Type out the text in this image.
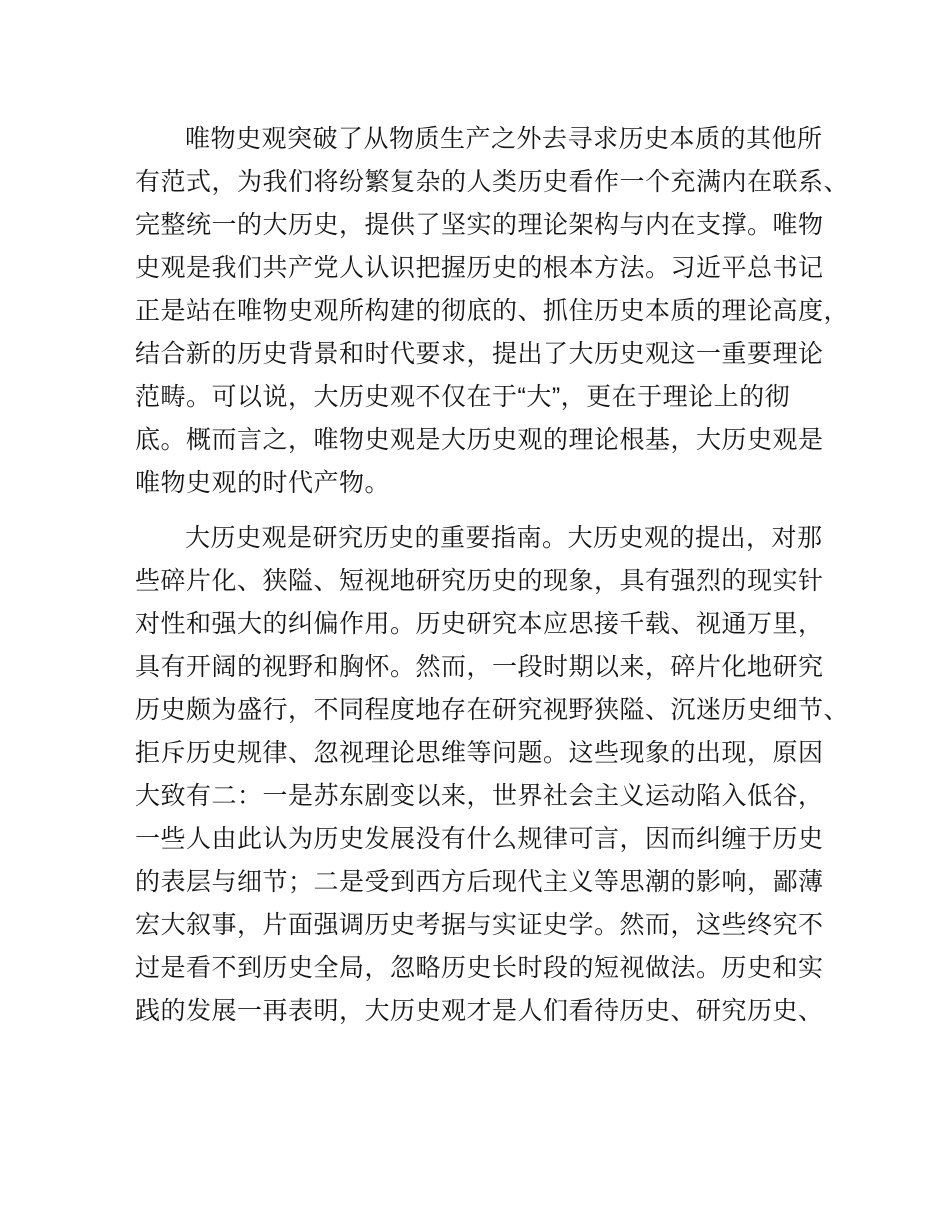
唯物史观突破了从物质生产之外去寻求历史本质的其他所
有范式，为我们将纷繁复杂的人类历史看作一个充满内在联系、
完整统一的大历史，提供了坚实的理论架构与内在支撑。唯物
史观是我们共产党人认识把握历史的根本方法。习近平总书记
正是站在唯物史观所构建的彻底的、抓住历史本质的理论高度，
结合新的历史背景和时代要求，提出了大历史观这一重要理论
范畴。可以说，大历史观不仅在于“大”，更在于理论上的彻
底。概而言之，唯物史观是大历史观的理论根基，大历史观是
唯物史观的时代产物。
大历史观是研究历史的重要指南。大历史观的提出，对那
些碎片化、狭隘、短视地研究历史的现象，具有强烈的现实针
对性和强大的纠偏作用。历史研究本应思接千载、视通万里，
具有开阔的视野和胸怀。然而，一段时期以来，碎片化地研究
历史颇为盛行，不同程度地存在研究视野狭隘、沉迷历史细节、
拒斥历史规律、忽视理论思维等问题。这些现象的出现，原因
大致有二：一是苏东剧变以来，世界社会主义运动陷入低谷，
一些人由此认为历史发展没有什么规律可言，因而纠缠于历史
的表层与细节；二是受到西方后现代主义等思潮的影响，鄙薄
宏大叙事，片面强调历史考据与实证史学。然而，这些终究不
过是看不到历史全局，忽略历史长时段的短视做法。历史和实
践的发展一再表明，大历史观才是人们看待历史、研究历史、
